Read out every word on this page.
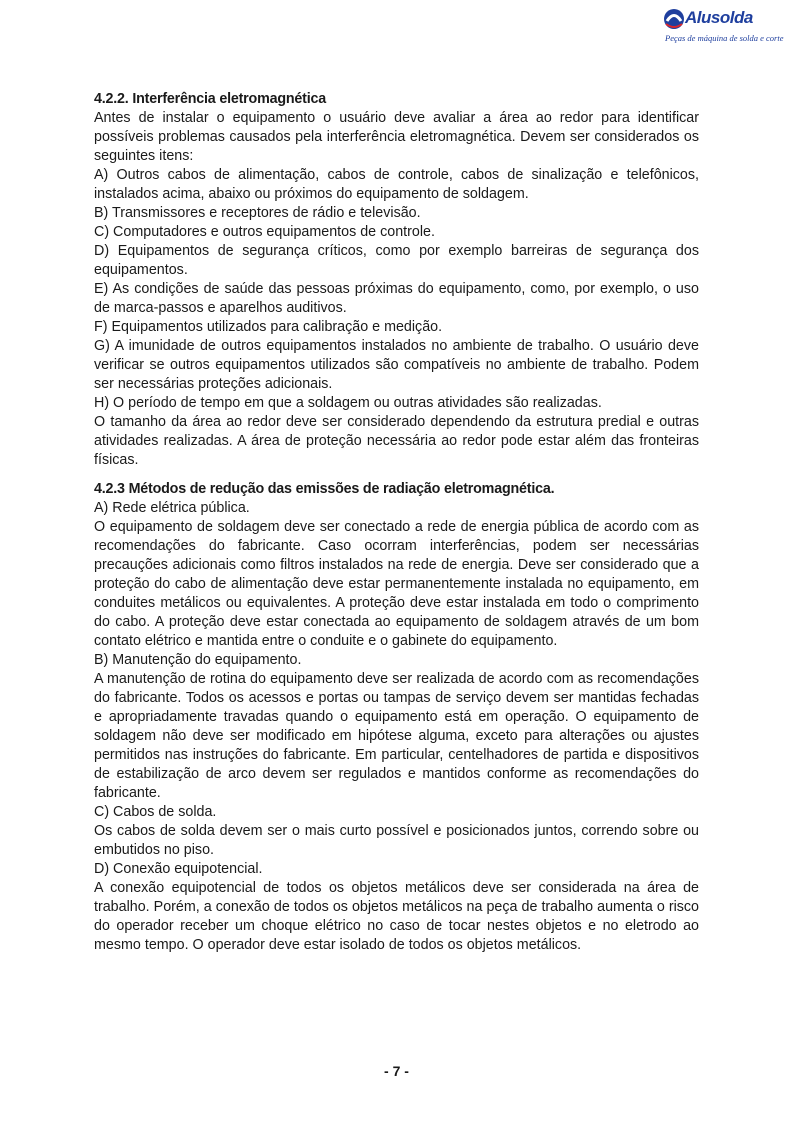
Alusolda
Peças de máquina de solda e corte
4.2.2. Interferência eletromagnética

Antes de instalar o equipamento o usuário deve avaliar a área ao redor para identificar possíveis problemas causados pela interferência eletromagnética. Devem ser considerados os seguintes itens:

A) Outros cabos de alimentação, cabos de controle, cabos de sinalização e telefônicos, instalados acima, abaixo ou próximos do equipamento de soldagem.

B) Transmissores e receptores de rádio e televisão.

C) Computadores e outros equipamentos de controle.

D) Equipamentos de segurança críticos, como por exemplo barreiras de segurança dos equipamentos.

E) As condições de saúde das pessoas próximas do equipamento, como, por exemplo, o uso de marca-passos e aparelhos auditivos.

F) Equipamentos utilizados para calibração e medição.

G) A imunidade de outros equipamentos instalados no ambiente de trabalho. O usuário deve verificar se outros equipamentos utilizados são compatíveis no ambiente de trabalho. Podem ser necessárias proteções adicionais.

H) O período de tempo em que a soldagem ou outras atividades são realizadas.

O tamanho da área ao redor deve ser considerado dependendo da estrutura predial e outras atividades realizadas. A área de proteção necessária ao redor pode estar além das fronteiras físicas.

4.2.3 Métodos de redução das emissões de radiação eletromagnética.

A) Rede elétrica pública.

O equipamento de soldagem deve ser conectado a rede de energia pública de acordo com as recomendações do fabricante. Caso ocorram interferências, podem ser necessárias precauções adicionais como filtros instalados na rede de energia. Deve ser considerado que a proteção do cabo de alimentação deve estar permanentemente instalada no equipamento, em conduites metálicos ou equivalentes. A proteção deve estar instalada em todo o comprimento do cabo. A proteção deve estar conectada ao equipamento de soldagem através de um bom contato elétrico e mantida entre o conduite e o gabinete do equipamento.

B) Manutenção do equipamento.

A manutenção de rotina do equipamento deve ser realizada de acordo com as recomendações do fabricante. Todos os acessos e portas ou tampas de serviço devem ser mantidas fechadas e apropriadamente travadas quando o equipamento está em operação. O equipamento de soldagem não deve ser modificado em hipótese alguma, exceto para alterações ou ajustes permitidos nas instruções do fabricante. Em particular, centelhadores de partida e dispositivos de estabilização de arco devem ser regulados e mantidos conforme as recomendações do fabricante.

C) Cabos de solda.

Os cabos de solda devem ser o mais curto possível e posicionados juntos, correndo sobre ou embutidos no piso.

D) Conexão equipotencial.

A conexão equipotencial de todos os objetos metálicos deve ser considerada na área de trabalho. Porém, a conexão de todos os objetos metálicos na peça de trabalho aumenta o risco do operador receber um choque elétrico no caso de tocar nestes objetos e no eletrodo ao mesmo tempo. O operador deve estar isolado de todos os objetos metálicos.

- 7 -
